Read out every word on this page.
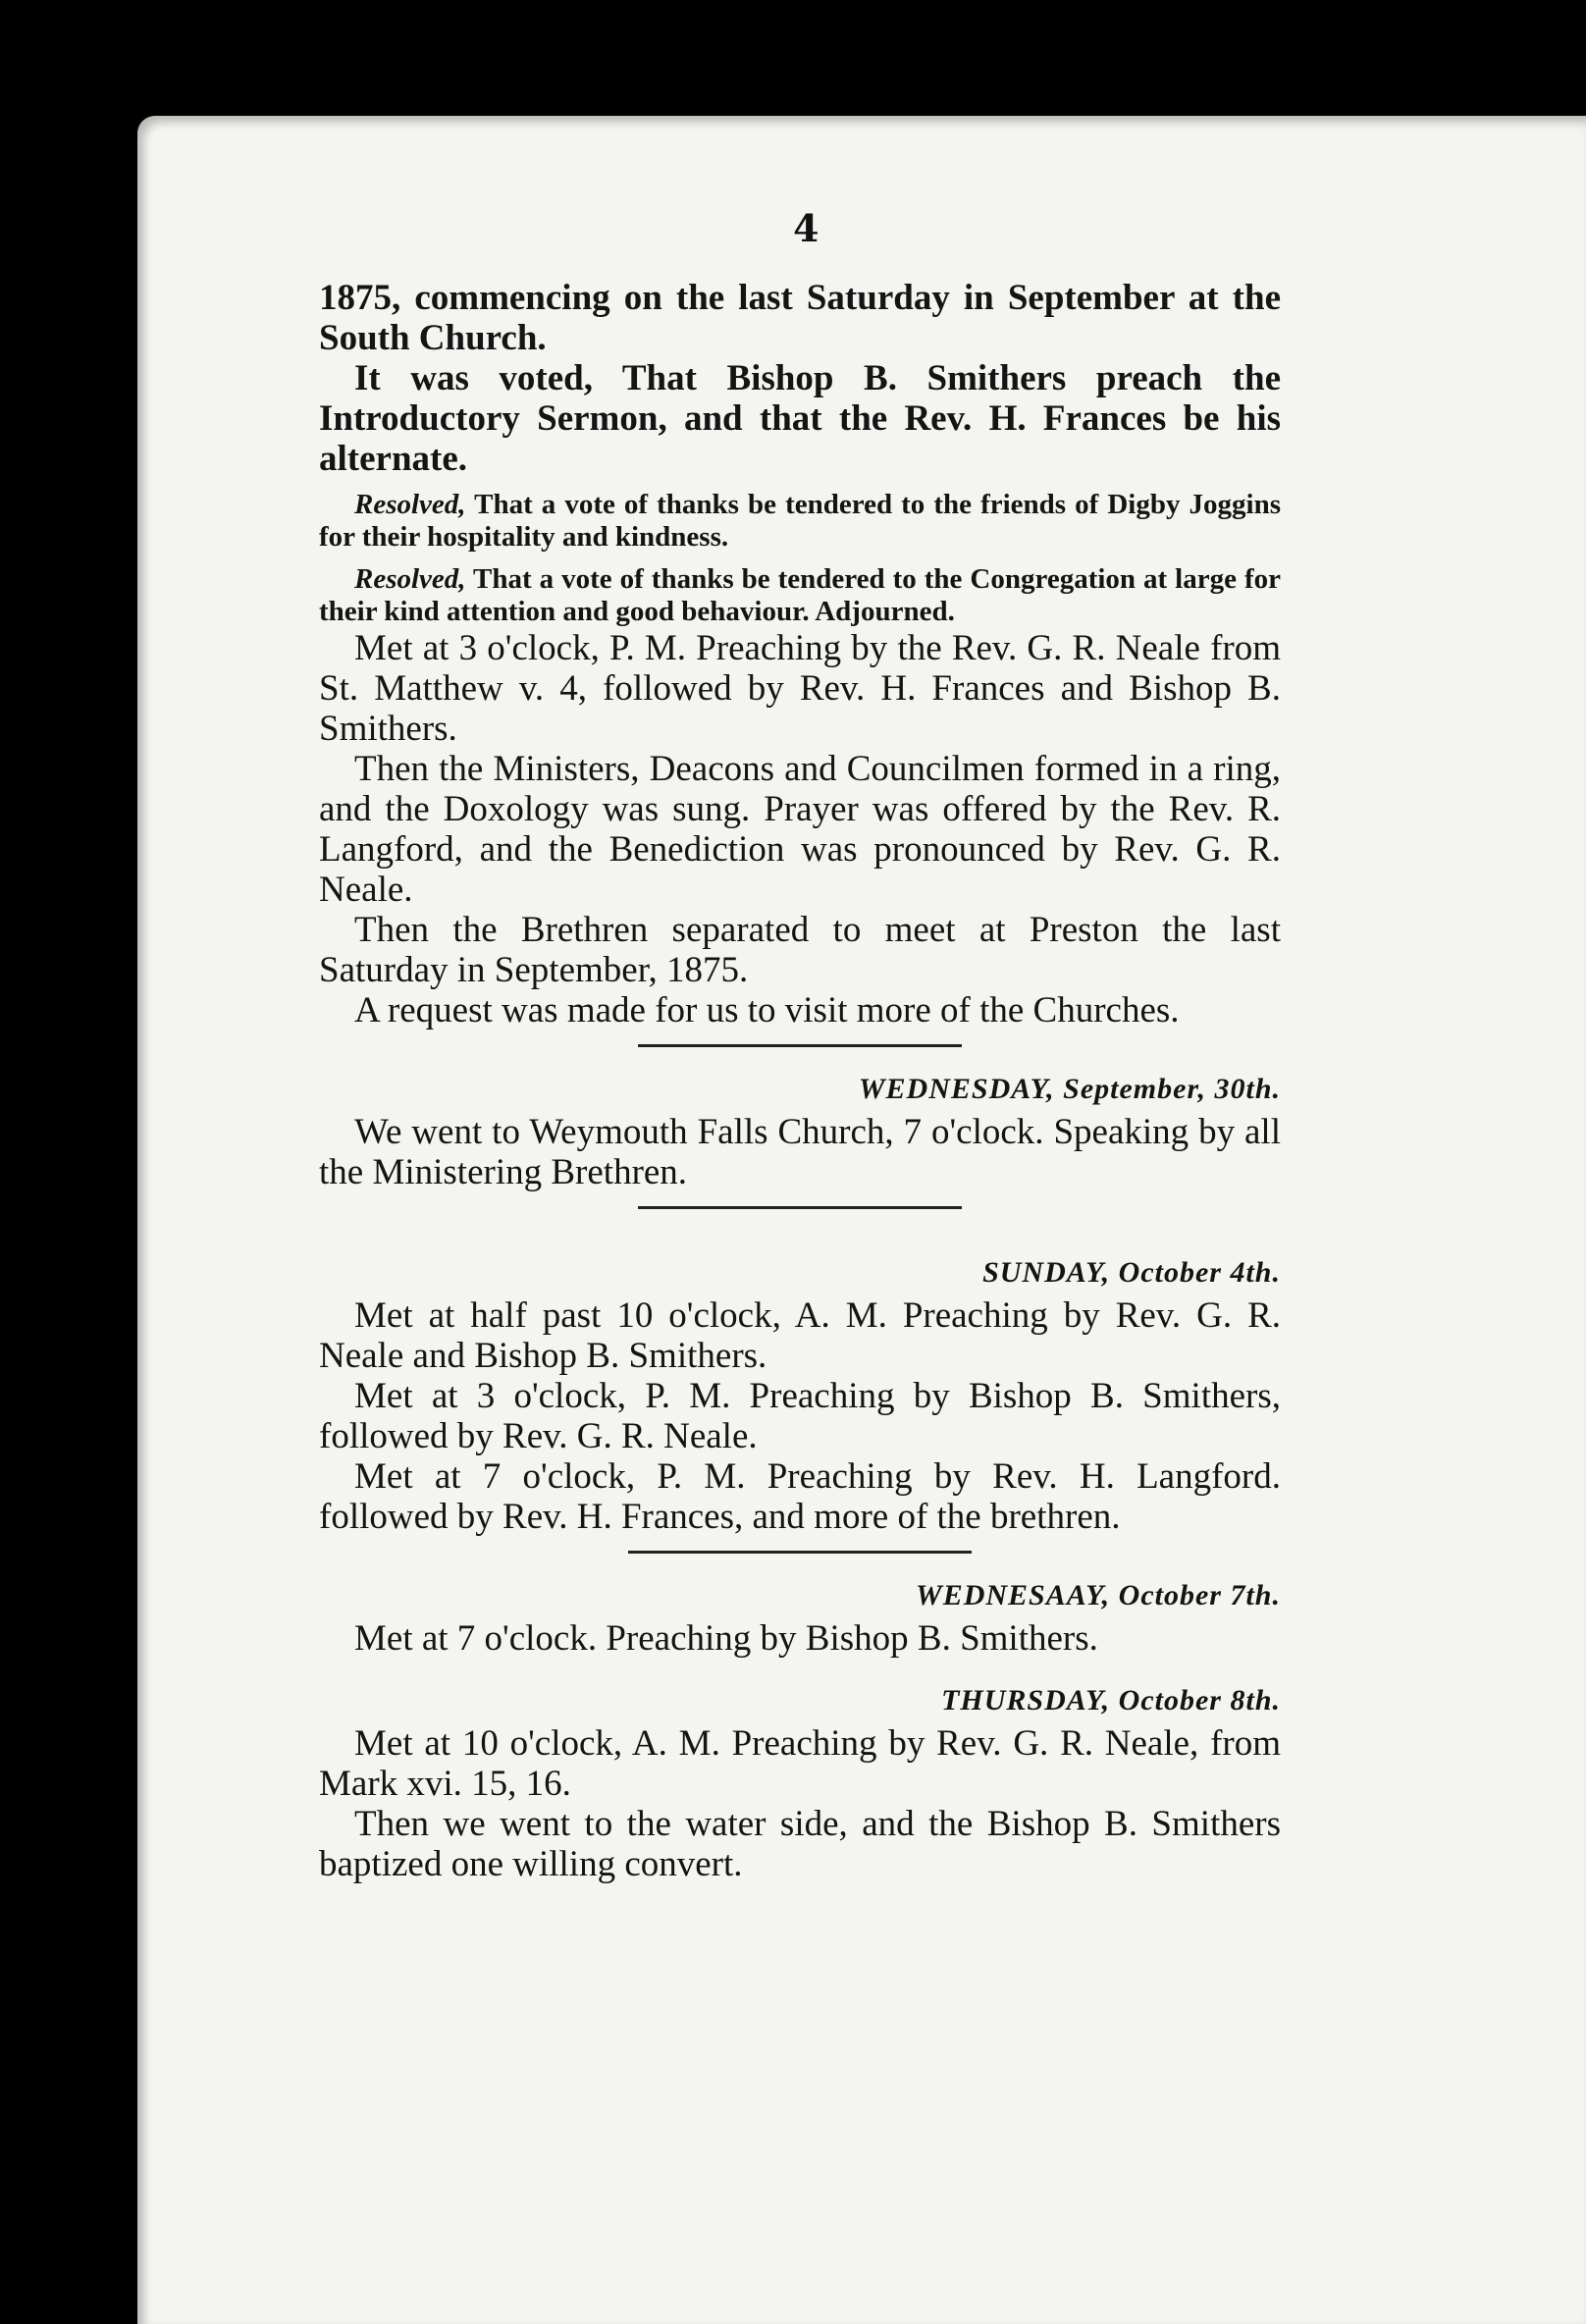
4

1875, commencing on the last Saturday in September at the South Church.

It was voted, That Bishop B. Smithers preach the Introductory Sermon, and that the Rev. H. Frances be his alternate.

Resolved, That a vote of thanks be tendered to the friends of Digby Joggins for their hospitality and kindness.

Resolved, That a vote of thanks be tendered to the Congregation at large for their kind attention and good behaviour. Adjourned.

Met at 3 o'clock, P. M. Preaching by the Rev. G. R. Neale from St. Matthew v. 4, followed by Rev. H. Frances and Bishop B. Smithers.

Then the Ministers, Deacons and Councilmen formed in a ring, and the Doxology was sung. Prayer was offered by the Rev. R. Langford, and the Benediction was pronounced by Rev. G. R. Neale.

Then the Brethren separated to meet at Preston the last Saturday in September, 1875.

A request was made for us to visit more of the Churches.

WEDNESDAY, September, 30th.

We went to Weymouth Falls Church, 7 o'clock. Speaking by all the Ministering Brethren.

SUNDAY, October 4th.

Met at half past 10 o'clock, A. M. Preaching by Rev. G. R. Neale and Bishop B. Smithers.

Met at 3 o'clock, P. M. Preaching by Bishop B. Smithers, followed by Rev. G. R. Neale.

Met at 7 o'clock, P. M. Preaching by Rev. H. Langford. followed by Rev. H. Frances, and more of the brethren.

WEDNESAAY, October 7th.

Met at 7 o'clock. Preaching by Bishop B. Smithers.

THURSDAY, October 8th.

Met at 10 o'clock, A. M. Preaching by Rev. G. R. Neale, from Mark xvi. 15, 16.

Then we went to the water side, and the Bishop B. Smithers baptized one willing convert.
